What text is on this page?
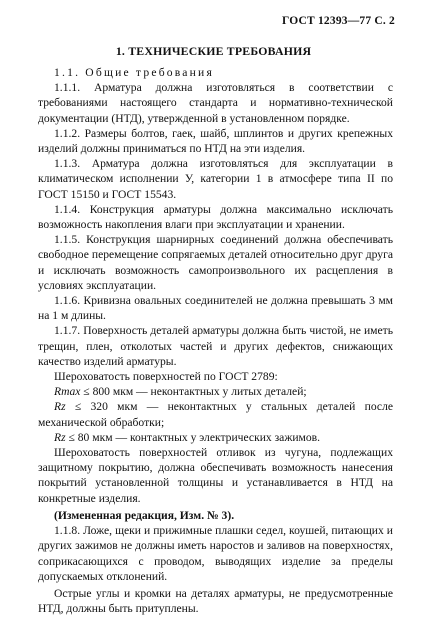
ГОСТ 12393—77 С. 2
1. ТЕХНИЧЕСКИЕ ТРЕБОВАНИЯ

1.1. Общие требования

1.1.1. Арматура должна изготовляться в соответствии с требованиями настоящего стандарта и нормативно-технической документации (НТД), утвержденной в установленном порядке.

1.1.2. Размеры болтов, гаек, шайб, шплинтов и других крепежных изделий должны приниматься по НТД на эти изделия.

1.1.3. Арматура должна изготовляться для эксплуатации в климатическом исполнении У, категории 1 в атмосфере типа II по ГОСТ 15150 и ГОСТ 15543.

1.1.4. Конструкция арматуры должна максимально исключать возможность накопления влаги при эксплуатации и хранении.

1.1.5. Конструкция шарнирных соединений должна обеспечивать свободное перемещение сопрягаемых деталей относительно друг друга и исключать возможность самопроизвольного их расцепления в условиях эксплуатации.

1.1.6. Кривизна овальных соединителей не должна превышать 3 мм на 1 м длины.

1.1.7. Поверхность деталей арматуры должна быть чистой, не иметь трещин, плен, отколотых частей и других дефектов, снижающих качество изделий арматуры.

Шероховатость поверхностей по ГОСТ 2789:

Rmax ≤ 800 мкм — неконтактных у литых деталей;

Rz ≤ 320 мкм — неконтактных у стальных деталей после механической обработки;

Rz ≤ 80 мкм — контактных у электрических зажимов.

Шероховатость поверхностей отливок из чугуна, подлежащих защитному покрытию, должна обеспечивать возможность нанесения покрытий установленной толщины и устанавливается в НТД на конкретные изделия.

(Измененная редакция, Изм. № 3).

1.1.8. Ложе, щеки и прижимные плашки седел, коушей, питающих и других зажимов не должны иметь наростов и заливов на поверхностях, соприкасающихся с проводом, выводящих изделие за пределы допускаемых отклонений.

Острые углы и кромки на деталях арматуры, не предусмотренные НТД, должны быть притуплены.
